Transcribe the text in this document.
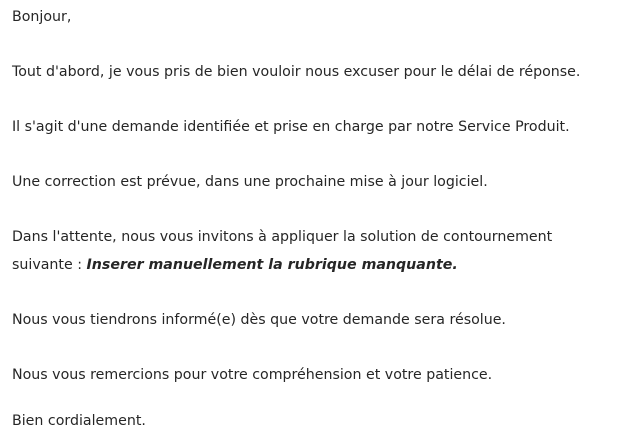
Bonjour,

Tout d'abord, je vous pris de bien vouloir nous excuser pour le délai de réponse.

Il s'agit d'une demande identifiée et prise en charge par notre Service Produit.

Une correction est prévue, dans une prochaine mise à jour logiciel.

Dans l'attente, nous vous invitons à appliquer la solution de contournement

suivante : Inserer manuellement la rubrique manquante.

Nous vous tiendrons informé(e) dès que votre demande sera résolue.

Nous vous remercions pour votre compréhension et votre patience.

Bien cordialement.
